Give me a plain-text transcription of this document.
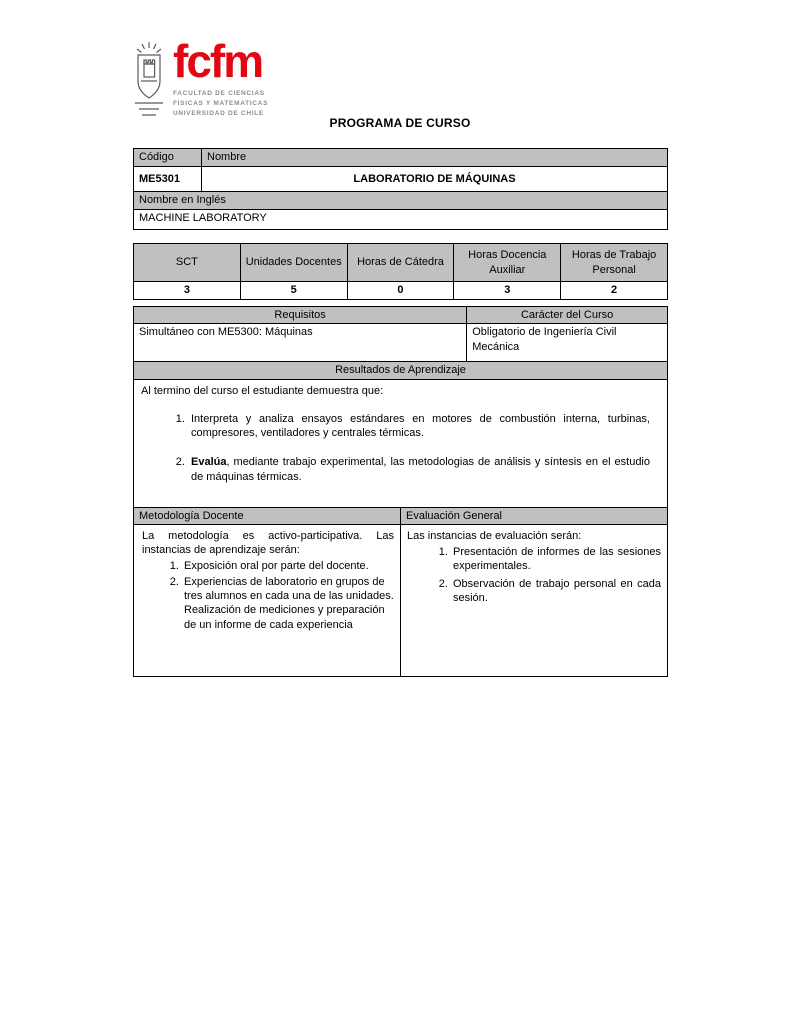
fcfm
FACULTAD DE CIENCIAS
FISICAS Y MATEMATICAS
UNIVERSIDAD DE CHILE
PROGRAMA DE CURSO
Código	Nombre
ME5301	LABORATORIO DE MÁQUINAS
Nombre en Inglés	
MACHINE LABORATORY	
SCT	Unidades Docentes	Horas de Cátedra	Horas Docencia Auxiliar	Horas de Trabajo Personal
3	5	0	3	2
Requisitos	Carácter del Curso
Simultáneo con ME5300: Máquinas	Obligatorio de Ingeniería Civil Mecánica
Resultados de Aprendizaje

Al termino del curso el estudiante demuestra que:
1. Interpreta y analiza ensayos estándares en motores de combustión interna, turbinas, compresores, ventiladores y centrales térmicas.
2. Evalúa, mediante trabajo experimental, las metodologias de análisis y síntesis en el estudio de máquinas térmicas.
Metodología Docente	Evaluación General

La metodología es activo-participativa. Las instancias de aprendizaje serán:
1. Exposición oral por parte del docente.
2. Experiencias de laboratorio en grupos de tres alumnos en cada una de las unidades. Realización de mediciones y preparación de un informe de cada experiencia

Las instancias de evaluación serán:
1. Presentación de informes de las sesiones experimentales.
2. Observación de trabajo personal en cada sesión.
